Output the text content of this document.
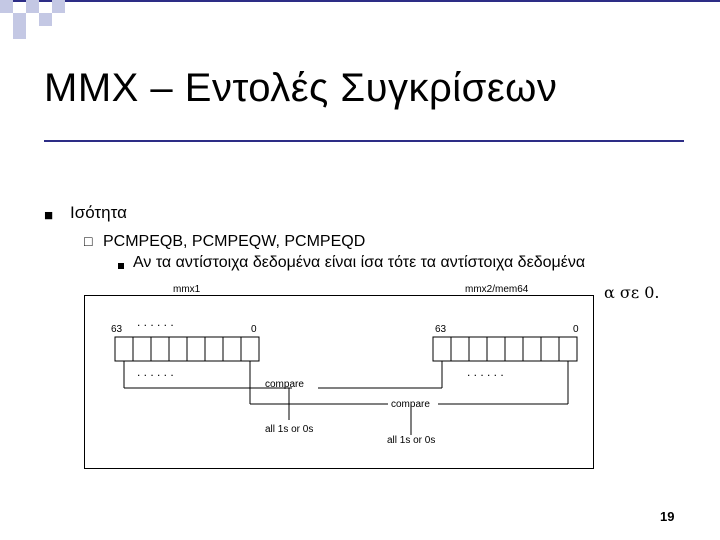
MMX – Εντολές Συγκρίσεων
■ Ισότητα
□ PCMPEQB, PCMPEQW, PCMPEQD
Αν τα αντίστοιχα δεδομένα είναι ίσα τότε τα αντίστοιχα δεδομένα
α σε 0.
mmx1	mmx2/mem64
63	0	63	0
. . . . . .
. . . . . .	. . . . . .
compare
compare
all 1s or 0s
all 1s or 0s
19
